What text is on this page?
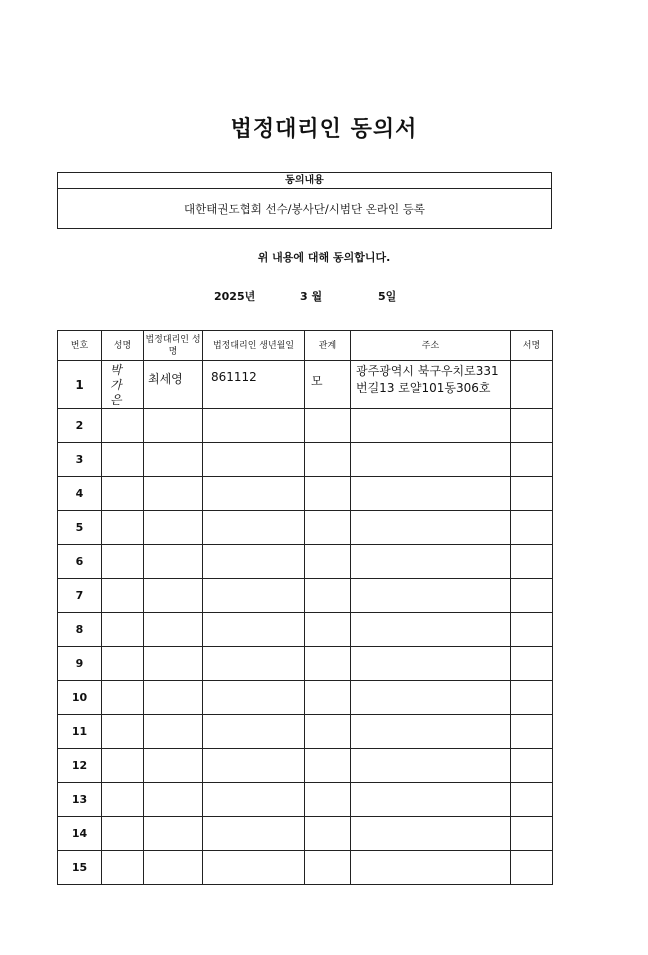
법정대리인 동의서
동의내용
대한태권도협회 선수/봉사단/시범단 온라인 등록
위 내용에 대해 동의합니다.
2025년	3 월	5일
번호	성명	법정대리인 성명	법정대리인 생년월일	관계	주소	서명
1	박 가 은	최세영	861112	모	광주광역시 북구우치로331 번길13 로얄101동306호	
2						
3						
4						
5						
6						
7						
8						
9						
10						
11						
12						
13						
14						
15						
